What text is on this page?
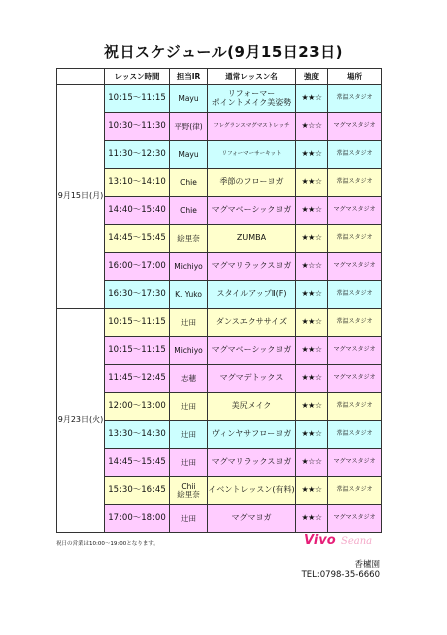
祝日スケジュール(9月15日23日)
	レッスン時間	担当IR	通常レッスン名	強度	場所
9月15日(月)	10:15～11:15	Mayu	リフォーマー
ポイントメイク美姿勢	★★☆	常温スタジオ
	10:30～11:30	平野(律)	フレグランスマグマストレッチ	★☆☆	マグマスタジオ
	11:30～12:30	Mayu	リフォーマーサーキット	★★☆	常温スタジオ
	13:10～14:10	Chie	季節のフローヨガ	★★☆	常温スタジオ
	14:40～15:40	Chie	マグマベーシックヨガ	★★☆	マグマスタジオ
	14:45～15:45	絵里奈	ZUMBA	★★☆	常温スタジオ
	16:00～17:00	Michiyo	マグマリラックスヨガ	★☆☆	マグマスタジオ
	16:30～17:30	K. Yuko	スタイルアップⅡ(F)	★★☆	常温スタジオ
9月23日(火)	10:15～11:15	辻田	ダンスエクササイズ	★★☆	常温スタジオ
	10:15～11:15	Michiyo	マグマベーシックヨガ	★★☆	マグマスタジオ
	11:45～12:45	志穂	マグマデトックス	★★☆	マグマスタジオ
	12:00～13:00	辻田	美尻メイク	★★☆	常温スタジオ
	13:30～14:30	辻田	ヴィンヤサフローヨガ	★★☆	常温スタジオ
	14:45～15:45	辻田	マグマリラックスヨガ	★☆☆	マグマスタジオ
	15:30～16:45	Chii
絵里奈	イベントレッスン(有料)	★★☆	常温スタジオ
	17:00～18:00	辻田	マグマヨガ	★★☆	マグマスタジオ
祝日の営業は10:00～19:00となります。	Vivo Seana
香櫨園
TEL:0798-35-6660
